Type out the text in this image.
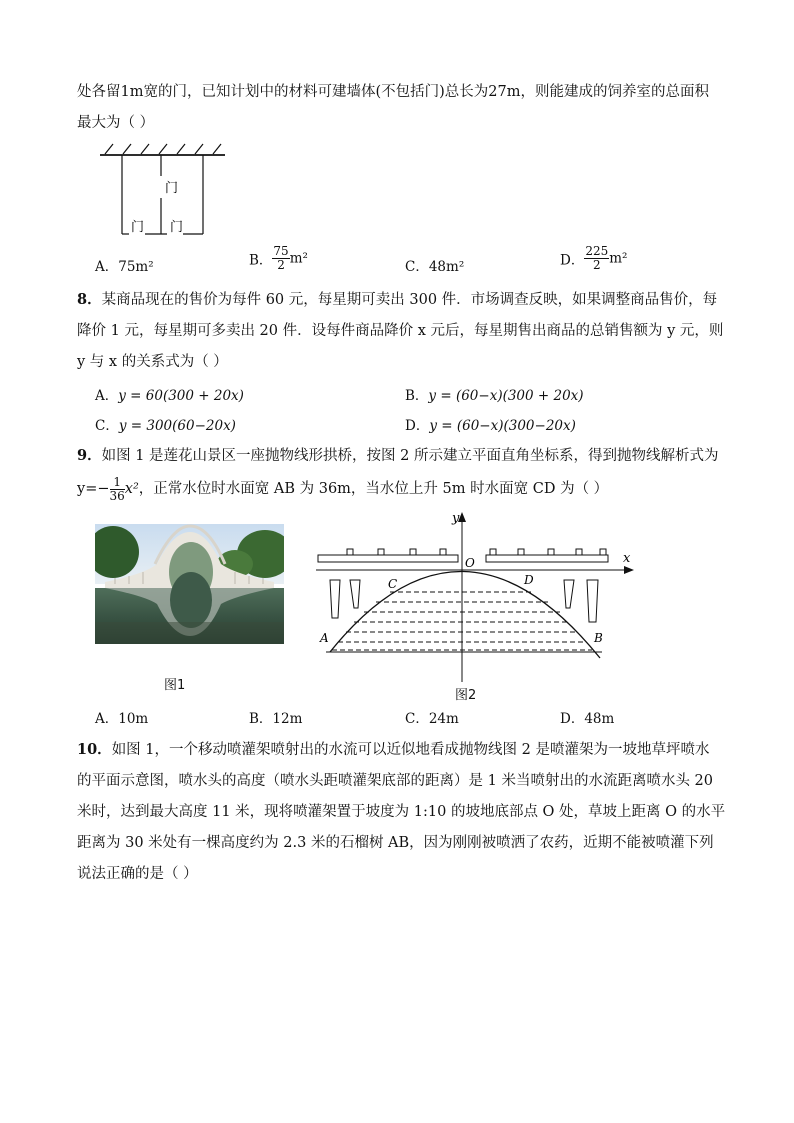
处各留1m宽的门，已知计划中的材料可建墙体(不包括门)总长为27m，则能建成的饲养室的总面积
最大为（ ）
门
门 门
A．75m²	B． $\frac{75}{2} m^2$
C．48m²	D． $\frac{225}{2} m^2$
8．某商品现在的售价为每件 60 元，每星期可卖出 300 件．市场调查反映，如果调整商品售价，每
降价 1 元，每星期可多卖出 20 件．设每件商品降价 x 元后，每星期售出商品的总销售额为 y 元，则
y 与 x 的关系式为（ ）
A．y = 60(300 + 20x)	B．y = (60−x)(300 + 20x)
C．y = 300(60−20x)	D．y = (60−x)(300−20x)
9．如图 1 是莲花山景区一座抛物线形拱桥，按图 2 所示建立平面直角坐标系，得到抛物线解析式为
$y=- \frac{1}{36} x^2$，正常水位时水面宽 AB 为 36m，当水位上升 5m 时水面宽 CD 为（ ）
图1
y
x
O
C	D
A	B
图2
A．10m	B．12m	C．24m	D．48m
10．如图 1，一个移动喷灌架喷射出的水流可以近似地看成抛物线图 2 是喷灌架为一坡地草坪喷水
的平面示意图，喷水头的高度（喷水头距喷灌架底部的距离）是 1 米当喷射出的水流距离喷水头 20
米时，达到最大高度 11 米，现将喷灌架置于坡度为 1:10 的坡地底部点 O 处，草坡上距离 O 的水平
距离为 30 米处有一棵高度约为 2.3 米的石榴树 AB，因为刚刚被喷洒了农药，近期不能被喷灌下列
说法正确的是（ ）
